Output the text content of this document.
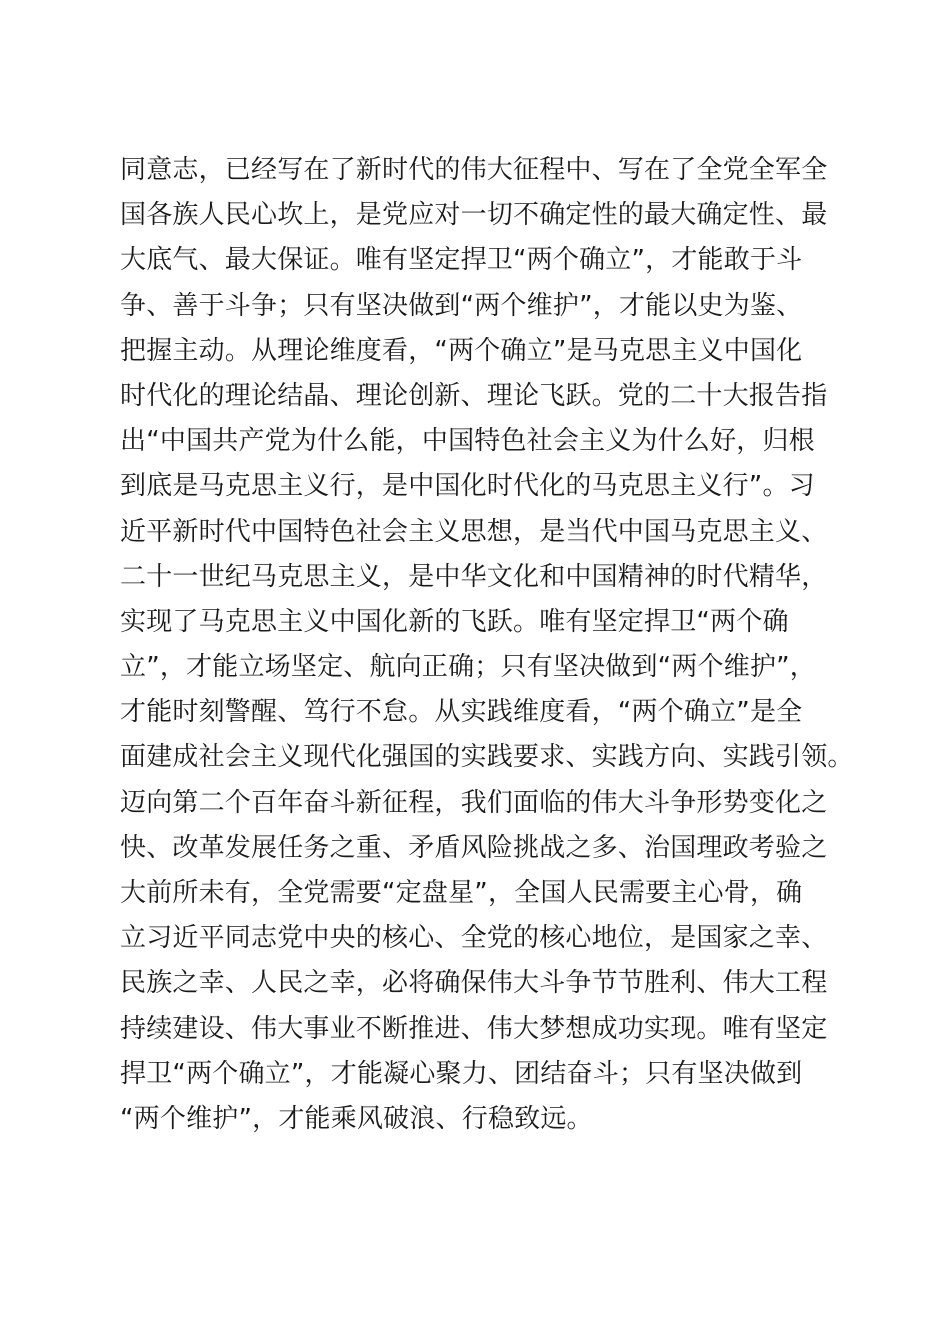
同意志，已经写在了新时代的伟大征程中、写在了全党全军全
国各族人民心坎上，是党应对一切不确定性的最大确定性、最
大底气、最大保证。唯有坚定捍卫“两个确立”，才能敢于斗
争、善于斗争；只有坚决做到“两个维护”，才能以史为鉴、
把握主动。从理论维度看，“两个确立”是马克思主义中国化
时代化的理论结晶、理论创新、理论飞跃。党的二十大报告指
出“中国共产党为什么能，中国特色社会主义为什么好，归根
到底是马克思主义行，是中国化时代化的马克思主义行”。习
近平新时代中国特色社会主义思想，是当代中国马克思主义、
二十一世纪马克思主义，是中华文化和中国精神的时代精华，
实现了马克思主义中国化新的飞跃。唯有坚定捍卫“两个确
立”，才能立场坚定、航向正确；只有坚决做到“两个维护”，
才能时刻警醒、笃行不怠。从实践维度看，“两个确立”是全
面建成社会主义现代化强国的实践要求、实践方向、实践引领。
迈向第二个百年奋斗新征程，我们面临的伟大斗争形势变化之
快、改革发展任务之重、矛盾风险挑战之多、治国理政考验之
大前所未有，全党需要“定盘星”，全国人民需要主心骨，确
立习近平同志党中央的核心、全党的核心地位，是国家之幸、
民族之幸、人民之幸，必将确保伟大斗争节节胜利、伟大工程
持续建设、伟大事业不断推进、伟大梦想成功实现。唯有坚定
捍卫“两个确立”，才能凝心聚力、团结奋斗；只有坚决做到
“两个维护”，才能乘风破浪、行稳致远。
